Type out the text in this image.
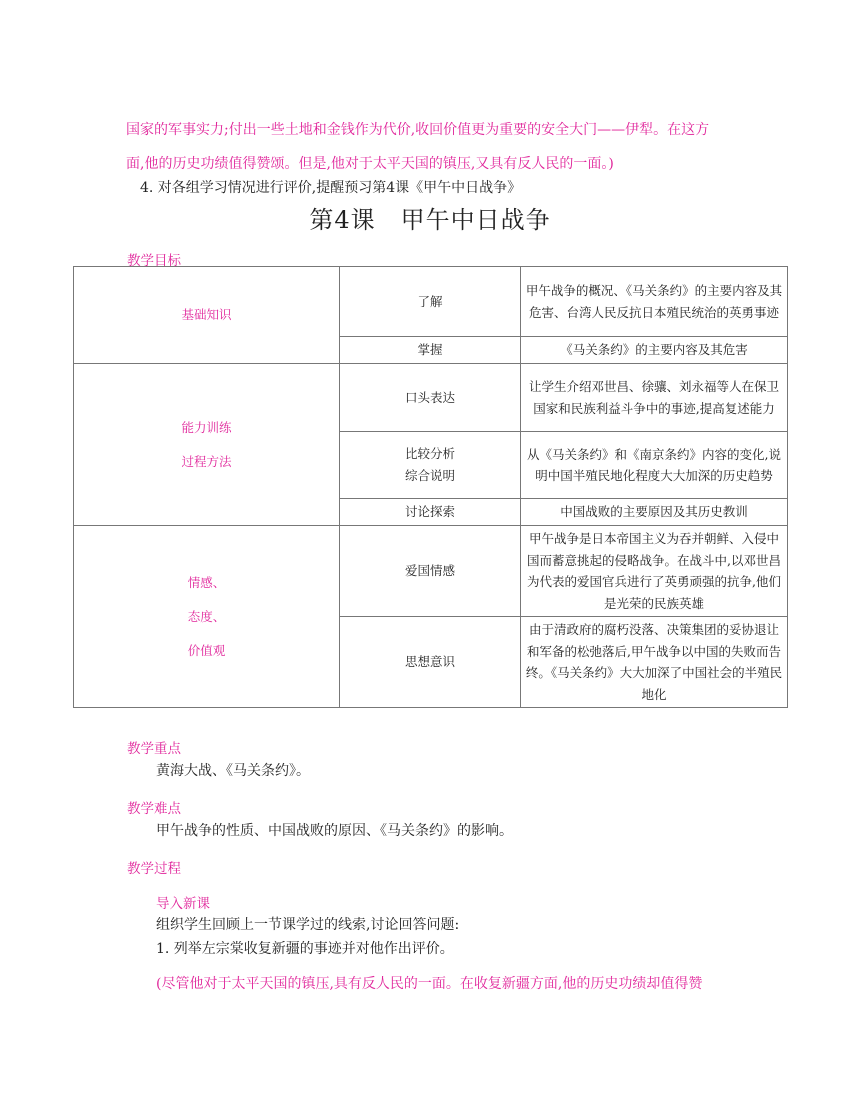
国家的军事实力;付出一些土地和金钱作为代价,收回价值更为重要的安全大门——伊犁。在这方
面,他的历史功绩值得赞颂。但是,他对于太平天国的镇压,又具有反人民的一面。)
4. 对各组学习情况进行评价,提醒预习第4课《甲午中日战争》
第4课　甲午中日战争
教学目标
基础知识	了解	甲午战争的概况、《马关条约》的主要内容及其危害、台湾人民反抗日本殖民统治的英勇事迹

	掌握	《马关条约》的主要内容及其危害

能力训练
过程方法	口头表达	让学生介绍邓世昌、徐骧、刘永福等人在保卫国家和民族利益斗争中的事迹,提高复述能力

	比较分析
综合说明	从《马关条约》和《南京条约》内容的变化,说明中国半殖民地化程度大大加深的历史趋势

	讨论探索	中国战败的主要原因及其历史教训

情感、
态度、
价值观	爱国情感	甲午战争是日本帝国主义为吞并朝鲜、入侵中国而蓄意挑起的侵略战争。在战斗中,以邓世昌为代表的爱国官兵进行了英勇顽强的抗争,他们是光荣的民族英雄

	思想意识	由于清政府的腐朽没落、决策集团的妥协退让和军备的松弛落后,甲午战争以中国的失败而告终。《马关条约》大大加深了中国社会的半殖民地化
教学重点
黄海大战、《马关条约》。
教学难点
甲午战争的性质、中国战败的原因、《马关条约》的影响。
教学过程
导入新课
组织学生回顾上一节课学过的线索,讨论回答问题:
1. 列举左宗棠收复新疆的事迹并对他作出评价。
(尽管他对于太平天国的镇压,具有反人民的一面。在收复新疆方面,他的历史功绩却值得赞
